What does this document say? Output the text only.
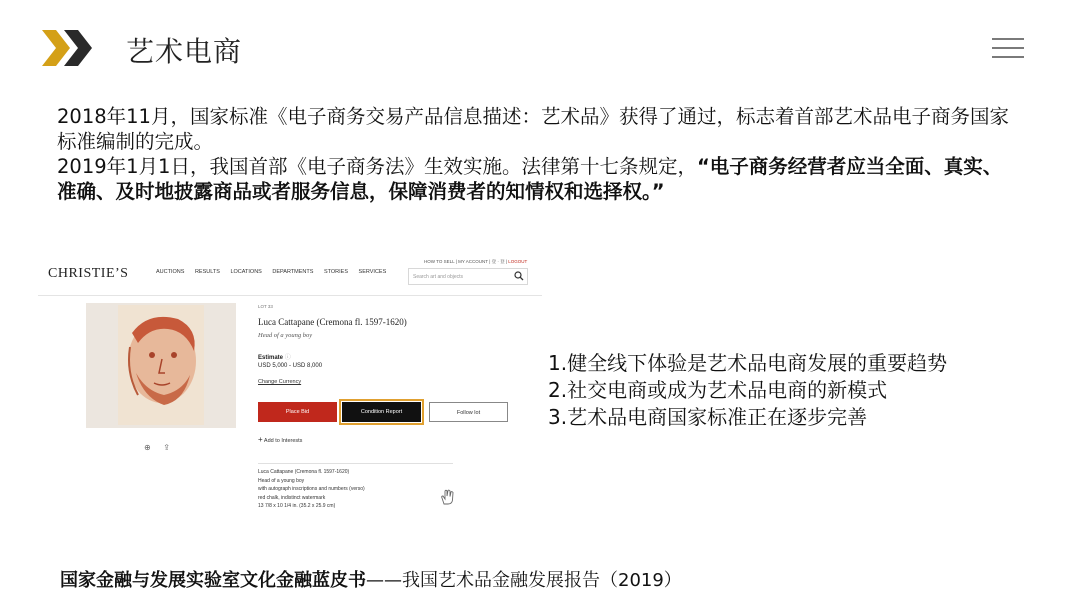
艺术电商

2018年11月，国家标准《电子商务交易产品信息描述：艺术品》获得了通过，标志着首部艺术品电子商务国家标准编制的完成。

2019年1月1日，我国首部《电子商务法》生效实施。法律第十七条规定，“电子商务经营者应当全面、真实、准确、及时地披露商品或者服务信息，保障消费者的知情权和选择权。”

CHRISTIE’S	AUCTIONS RESULTS LOCATIONS DEPARTMENTS STORIES SERVICES
HOW TO SELL | MY ACCOUNT | 登 · 登 | LOGOUT
Search art and objects
⊕ ⇪
LOT 33
Luca Cattapane (Cremona fl. 1597-1620)
Head of a young boy
Estimate ⓘ
USD 5,000 - USD 8,000
Change Currency
Place Bid	Condition Report	Follow lot
+ Add to Interests
Luca Cattapane (Cremona fl. 1597-1620)
Head of a young boy
with autograph inscriptions and numbers (verso)
red chalk, indistinct watermark
13 7/8 x 10 1/4 in. (35.2 x 25.9 cm)
1.健全线下体验是艺术品电商发展的重要趋势
2.社交电商或成为艺术品电商的新模式
3.艺术品电商国家标准正在逐步完善
国家金融与发展实验室文化金融蓝皮书——我国艺术品金融发展报告（2019）
